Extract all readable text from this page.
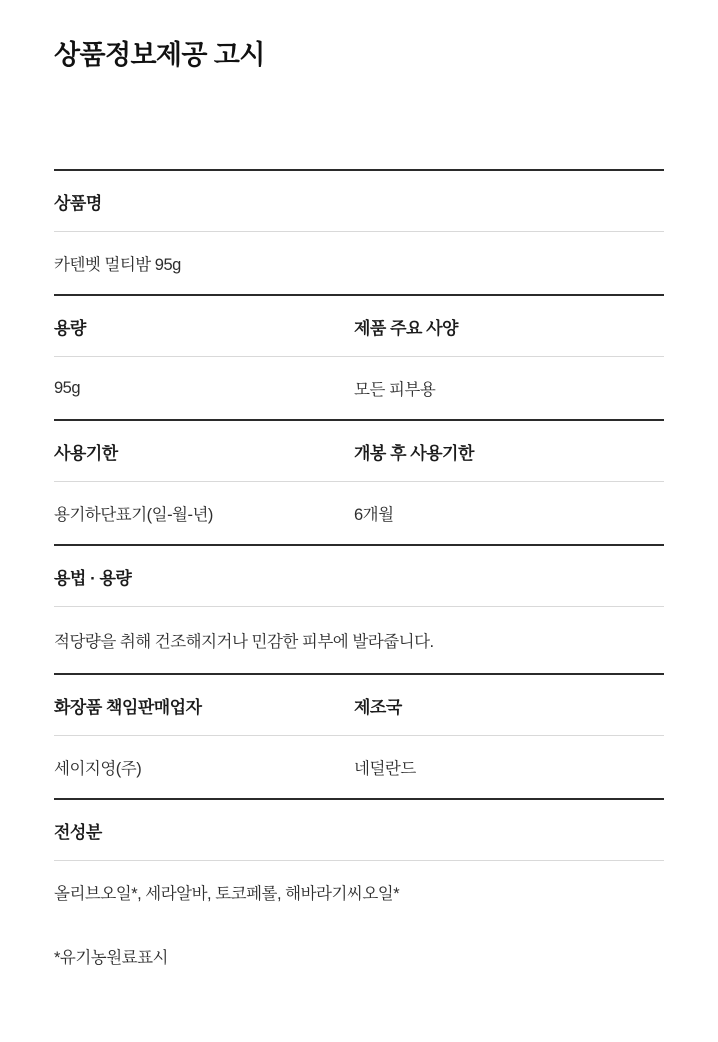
상품정보제공 고시
상품명
카텐벳 멀티밤 95g
용량	제품 주요 사양
95g	모든 피부용
사용기한	개봉 후 사용기한
용기하단표기(일-월-년)	6개월
용법 · 용량
적당량을 취해 건조해지거나 민감한 피부에 발라줍니다.
화장품 책임판매업자	제조국
세이지영(주)	네덜란드
전성분
올리브오일*, 세라알바, 토코페롤, 해바라기씨오일*
*유기농원료표시
